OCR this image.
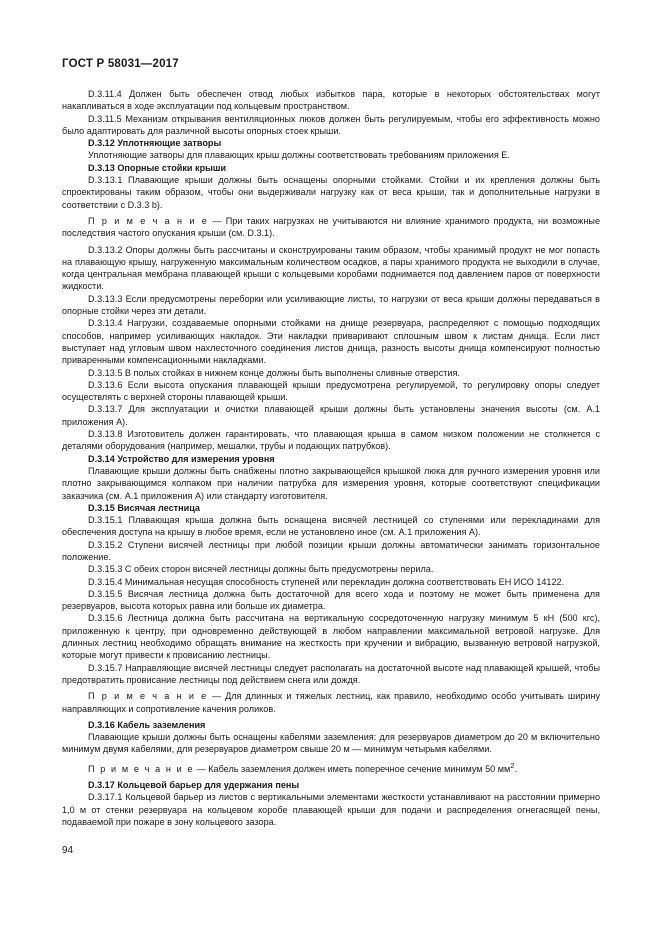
ГОСТ Р 58031—2017

D.3.11.4 Должен быть обеспечен отвод любых избытков пара, которые в некоторых обстоятельствах могут накапливаться в ходе эксплуатации под кольцевым пространством.

D.3.11.5 Механизм открывания вентиляционных люков должен быть регулируемым, чтобы его эффективность можно было адаптировать для различной высоты опорных стоек крыши.

D.3.12 Уплотняющие затворы

Уплотняющие затворы для плавающих крыш должны соответствовать требованиям приложения E.

D.3.13 Опорные стойки крыши

D.3.13.1 Плавающие крыши должны быть оснащены опорными стойками. Стойки и их крепления должны быть спроектированы таким образом, чтобы они выдерживали нагрузку как от веса крыши, так и дополнительные нагрузки в соответствии с D.3.3 b).

П р и м е ч а н и е — При таких нагрузках не учитываются ни влияние хранимого продукта, ни возможные последствия частого опускания крыши (см. D.3.1).

D.3.13.2 Опоры должны быть рассчитаны и сконструированы таким образом, чтобы хранимый продукт не мог попасть на плавающую крышу, нагруженную максимальным количеством осадков, а пары хранимого продукта не выходили в случае, когда центральная мембрана плавающей крыши с кольцевыми коробами поднимается под давлением паров от поверхности жидкости.

D.3.13.3 Если предусмотрены переборки или усиливающие листы, то нагрузки от веса крыши должны передаваться в опорные стойки через эти детали.

D.3.13.4 Нагрузки, создаваемые опорными стойками на днище резервуара, распределяют с помощью подходящих способов, например усиливающих накладок. Эти накладки приваривают сплошным швом к листам днища. Если лист выступает над угловым швом нахлесточного соединения листов днища, разность высоты днища компенсируют полностью приваренными компенсационными накладками.

D.3.13.5 В полых стойках в нижнем конце должны быть выполнены сливные отверстия.

D.3.13.6 Если высота опускания плавающей крыши предусмотрена регулируемой, то регулировку опоры следует осуществлять с верхней стороны плавающей крыши.

D.3.13.7 Для эксплуатации и очистки плавающей крыши должны быть установлены значения высоты (см. А.1 приложения А).

D.3.13.8 Изготовитель должен гарантировать, что плавающая крыша в самом низком положении не столкнется с деталями оборудования (например, мешалки, трубы и подающих патрубков).

D.3.14 Устройство для измерения уровня

Плавающие крыши должны быть снабжены плотно закрывающейся крышкой люка для ручного измерения уровня или плотно закрывающимся колпаком при наличии патрубка для измерения уровня, которые соответствуют спецификации заказчика (см. А.1 приложения А) или стандарту изготовителя.

D.3.15 Висячая лестница

D.3.15.1 Плавающая крыша должна быть оснащена висячей лестницей со ступенями или перекладинами для обеспечения доступа на крышу в любое время, если не установлено иное (см. А.1 приложения А).

D.3.15.2 Ступени висячей лестницы при любой позиции крыши должны автоматически занимать горизонтальное положение.

D.3.15.3 С обеих сторон висячей лестницы должны быть предусмотрены перила.

D.3.15.4 Минимальная несущая способность ступеней или перекладин должна соответствовать ЕН ИСО 14122.

D.3.15.5 Висячая лестница должна быть достаточной для всего хода и поэтому не может быть применена для резервуаров, высота которых равна или больше их диаметра.

D.3.15.6 Лестница должна быть рассчитана на вертикальную сосредоточенную нагрузку минимум 5 кН (500 кгс), приложенную к центру, при одновременно действующей в любом направлении максимальной ветровой нагрузке. Для длинных лестниц необходимо обращать внимание на жесткость при кручении и вибрацию, вызванную ветровой нагрузкой, которые могут привести к провисанию лестницы.

D.3.15.7 Направляющие висячей лестницы следует располагать на достаточной высоте над плавающей крышей, чтобы предотвратить провисание лестницы под действием снега или дождя.

П р и м е ч а н и е — Для длинных и тяжелых лестниц, как правило, необходимо особо учитывать ширину направляющих и сопротивление качения роликов.

D.3.16 Кабель заземления

Плавающие крыши должны быть оснащены кабелями заземления: для резервуаров диаметром до 20 м включительно минимум двумя кабелями, для резервуаров диаметром свыше 20 м — минимум четырьмя кабелями.

П р и м е ч а н и е — Кабель заземления должен иметь поперечное сечение минимум 50 $мм^2$.

D.3.17 Кольцевой барьер для удержания пены

D.3.17.1 Кольцевой барьер из листов с вертикальными элементами жесткости устанавливают на расстоянии примерно 1,0 м от стенки резервуара на кольцевом коробе плавающей крыши для подачи и распределения огнегасящей пены, подаваемой при пожаре в зону кольцевого зазора.

94
